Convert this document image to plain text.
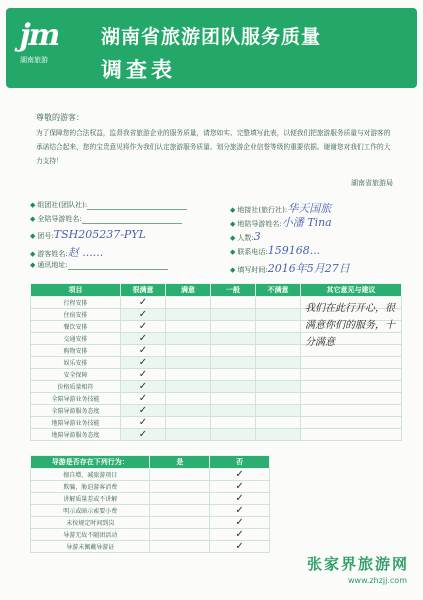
jm
湖南旅游
湖南省旅游团队服务质量
调查表
尊敬的游客：
为了保障您的合法权益，监督我省旅游企业的服务质量，请您如实、完整填写此表，以便我们把旅游服务质量与对游客的承诺结合起来，您的宝贵意见将作为我们认定旅游服务质量、划分旅游企业信誉等级的重要依据。谢谢您对我们工作的大力支持！
湖南省旅游局
◆ 组团社(团队社):
◆ 全陪导游姓名:
◆ 团号:TSH205237-PYL
◆ 游客姓名:赵 ......
◆ 通讯地址:
◆ 地接社(旅行社):华天国旅
◆ 地陪导游姓名:小潘 Tina
◆ 人数:3
◆ 联系电话:159168...
◆ 填写时间:2016年5月27日
项目	很满意	满意	一般	不满意	其它意见与建议
行程安排	✓				
住宿安排	✓				
餐饮安排	✓				
交通安排	✓				
购物安排	✓				
娱乐安排	✓				
安全保障	✓				
价格质量相符	✓				
全陪导游业务技能	✓				
全陪导游服务态度	✓				
地陪导游业务技能	✓				
地陪导游服务态度	✓				
我们在此行开心，很满意你们的服务，十分满意
导游是否存在下列行为：	是	否
擅自增、减旅游项目		✓
欺骗、胁迫游客消费		✓
讲解质量差或不讲解		✓
明示或暗示索要小费		✓
未按规定时间到岗		✓
导游无故不随团活动		✓
导游未佩戴导游证		✓
张家界旅游网
www.zhzjj.com
